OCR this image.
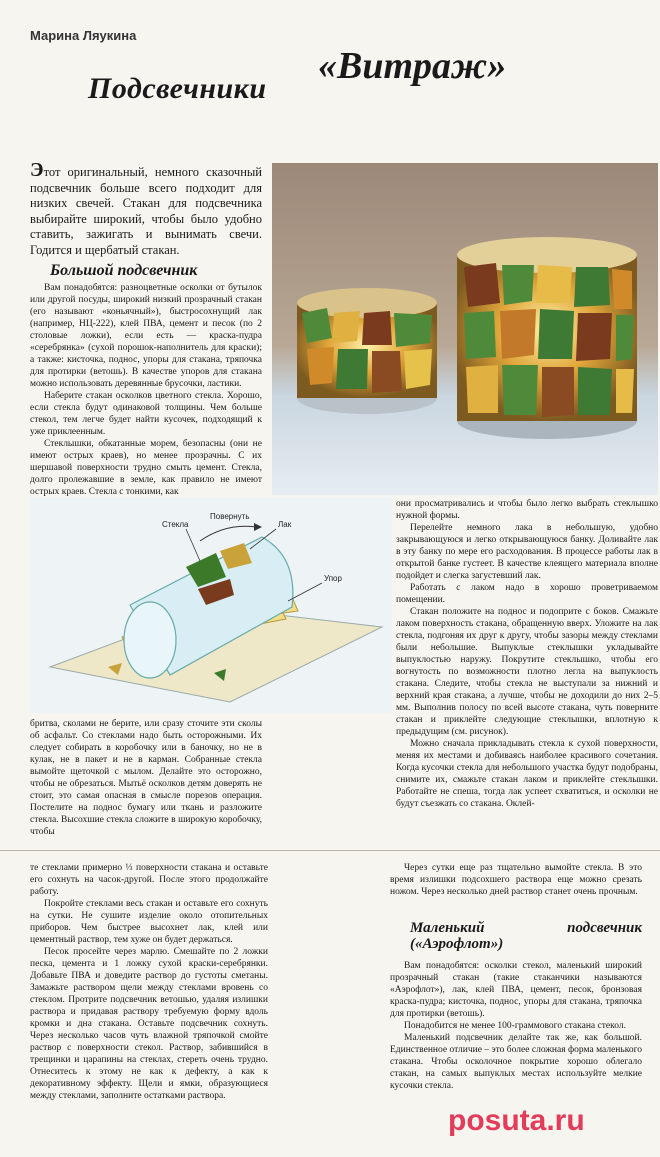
Марина Ляукина
Подсвечники
«Витраж»

Этот оригинальный, немного сказочный подсвечник больше всего подходит для низких свечей. Стакан для подсвечника выбирайте широкий, чтобы было удобно ставить, зажигать и вынимать свечи. Годится и щербатый стакан.

Большой подсвечник

Вам понадобятся: разноцветные осколки от бутылок или другой посуды, широкий низкий прозрачный стакан (его называют «коньячный»), быстросохнущий лак (например, НЦ-222), клей ПВА, цемент и песок (по 2 столовые ложки), если есть — краска-пудра «серебрянка» (сухой порошок-наполнитель для краски); а также: кисточка, поднос, упоры для стакана, тряпочка для протирки (ветошь). В качестве упоров для стакана можно использовать деревянные брусочки, ластики.

Наберите стакан осколков цветного стекла. Хорошо, если стекла будут одинаковой толщины. Чем больше стекол, тем легче будет найти кусочек, подходящий к уже приклеенным.

Стеклышки, обкатанные морем, безопасны (они не имеют острых краев), но менее прозрачны. С их шершавой поверхности трудно смыть цемент. Стекла, долго пролежавшие в земле, как правило не имеют острых краев. Стекла с тонкими, как

Стекла
Повернуть
Лак
Упор

они просматривались и чтобы было легко выбрать стеклышко нужной формы.

Перелейте немного лака в небольшую, удобно закрывающуюся и легко открывающуюся банку. Доливайте лак в эту банку по мере его расходования. В процессе работы лак в открытой банке густеет. В качестве клеящего материала вполне подойдет и слегка загустевший лак.

Работать с лаком надо в хорошо проветриваемом помещении.

Стакан положите на поднос и подоприте с боков. Смажьте лаком поверхность стакана, обращенную вверх. Уложите на лак стекла, подгоняя их друг к другу, чтобы зазоры между стеклами были небольшие. Выпуклые стеклышки укладывайте выпуклостью наружу. Покрутите стеклышко, чтобы его вогнутость по возможности плотно легла на выпуклость стакана. Следите, чтобы стекла не выступали за нижний и верхний края стакана, а лучше, чтобы не доходили до них 2–5 мм. Выполнив полосу по всей высоте стакана, чуть поверните стакан и приклейте следующие стеклышки, вплотную к предыдущим (см. рисунок).

Можно сначала прикладывать стекла к сухой поверхности, меняя их местами и добиваясь наиболее красивого сочетания. Когда кусочки стекла для небольшого участка будут подобраны, снимите их, смажьте стакан лаком и приклейте стеклышки. Работайте не спеша, тогда лак успеет схватиться, и осколки не будут съезжать со стакана. Оклей-

бритва, сколами не берите, или сразу сточите эти сколы об асфальт. Со стеклами надо быть осторожными. Их следует собирать в коробочку или в баночку, но не в кулак, не в пакет и не в карман. Собранные стекла вымойте щеточкой с мылом. Делайте это осторожно, чтобы не обрезаться. Мытьё осколков детям доверять не стоит, это самая опасная в смысле порезов операция. Постелите на поднос бумагу или ткань и разложите стекла. Высохшие стекла сложите в широкую коробочку, чтобы

те стеклами примерно ⅓ поверхности стакана и оставьте его сохнуть на часок-другой. После этого продолжайте работу.

Покройте стеклами весь стакан и оставьте его сохнуть на сутки. Не сушите изделие около отопительных приборов. Чем быстрее высохнет лак, клей или цементный раствор, тем хуже он будет держаться.

Песок просейте через марлю. Смешайте по 2 ложки песка, цемента и 1 ложку сухой краски-серебрянки. Добавьте ПВА и доведите раствор до густоты сметаны. Замажьте раствором щели между стеклами вровень со стеклом. Протрите подсвечник ветошью, удаляя излишки раствора и придавая раствору требуемую форму вдоль кромки и дна стакана. Оставьте подсвечник сохнуть. Через несколько часов чуть влажной тряпочкой смойте раствор с поверхности стекол. Раствор, забившийся в трещинки и царапины на стеклах, стереть очень трудно. Отнеситесь к этому не как к дефекту, а как к декоративному эффекту. Щели и ямки, образующиеся между стеклами, заполните остатками раствора.

Через сутки еще раз тщательно вымойте стекла. В это время излишки подсохшего раствора еще можно срезать ножом. Через несколько дней раствор станет очень прочным.

Маленький подсвечник («Аэрофлот»)

Вам понадобятся: осколки стекол, маленький широкий прозрачный стакан (такие стаканчики называются «Аэрофлот»), лак, клей ПВА, цемент, песок, бронзовая краска-пудра; кисточка, поднос, упоры для стакана, тряпочка для протирки (ветошь).

Понадобится не менее 100-граммового стакана стекол.

Маленький подсвечник делайте так же, как большой. Единственное отличие – это более сложная форма маленького стакана. Чтобы осколочное покрытие хорошо облегало стакан, на самых выпуклых местах используйте мелкие кусочки стекла.

posuta.ru
